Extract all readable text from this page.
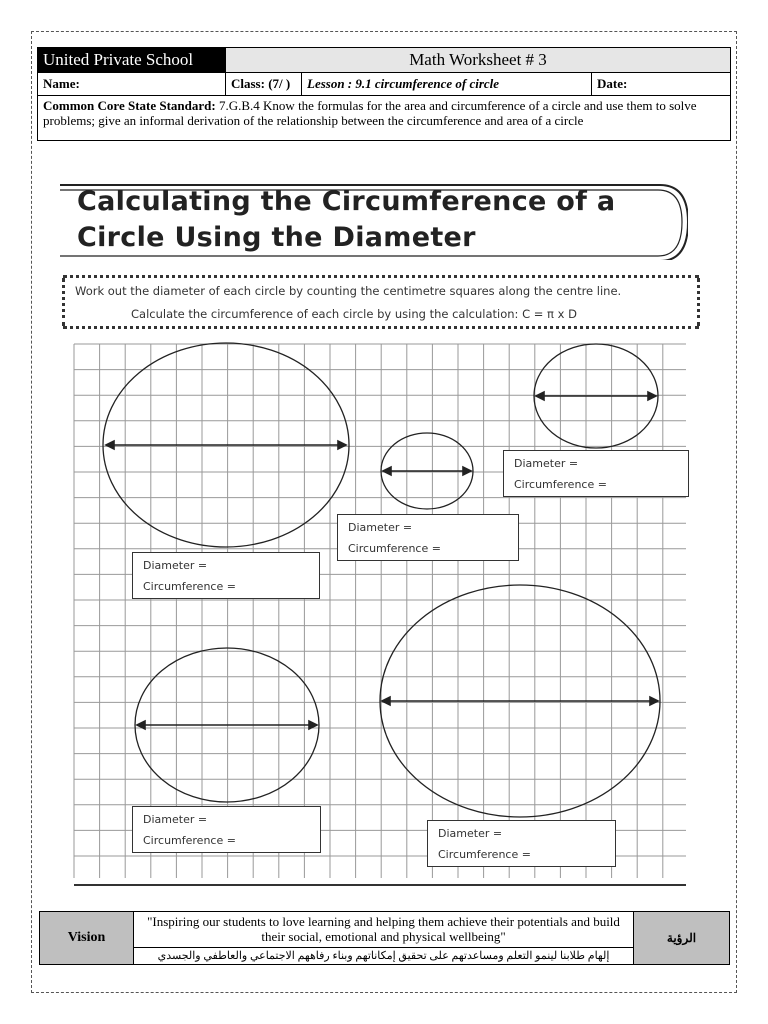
United Private School	Math Worksheet # 3		
Name:	Class: (7/ )	Lesson : 9.1 circumference of circle	Date:
Common Core State Standard: 7.G.B.4 Know the formulas for the area and circumference of a circle and use them to solve problems; give an informal derivation of the relationship between the circumference and area of a circle			
Calculating the Circumference of a
Circle Using the Diameter
Work out the diameter of each circle by counting the centimetre squares along the centre line.
Calculate the circumference of each circle by using the calculation: C = π x D
Diameter =
Circumference =
Diameter =
Circumference =
Diameter =
Circumference =
Diameter =
Circumference =
Diameter =
Circumference =
Vision	"Inspiring our students to love learning and helping them achieve their potentials and build their social, emotional and physical wellbeing"	الرؤية
إلهام طلابنا لينمو التعلم ومساعدتهم على تحقيق إمكاناتهم وبناء رفاههم الاجتماعي والعاطفي والجسدي
